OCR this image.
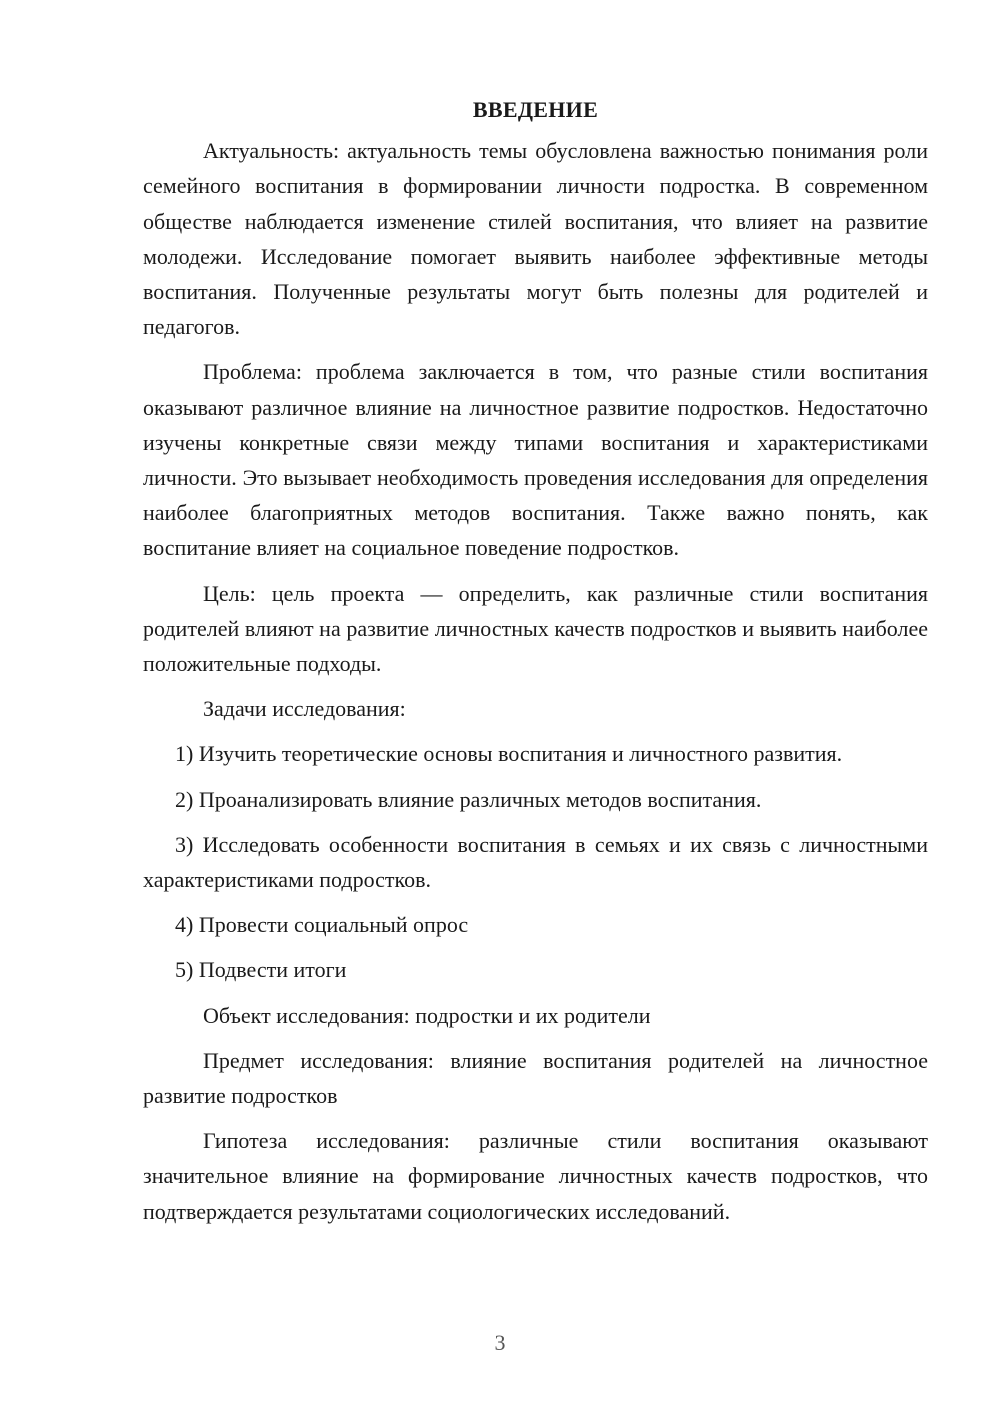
ВВЕДЕНИЕ

Актуальность: актуальность темы обусловлена важностью понимания роли семейного воспитания в формировании личности подростка. В современном обществе наблюдается изменение стилей воспитания, что влияет на развитие молодежи. Исследование помогает выявить наиболее эффективные методы воспитания. Полученные результаты могут быть полезны для родителей и педагогов.

Проблема: проблема заключается в том, что разные стили воспитания оказывают различное влияние на личностное развитие подростков. Недостаточно изучены конкретные связи между типами воспитания и характеристиками личности. Это вызывает необходимость проведения исследования для определения наиболее благоприятных методов воспитания. Также важно понять, как воспитание влияет на социальное поведение подростков.

Цель: цель проекта — определить, как различные стили воспитания родителей влияют на развитие личностных качеств подростков и выявить наиболее положительные подходы.

Задачи исследования:

1) Изучить теоретические основы воспитания и личностного развития.

2) Проанализировать влияние различных методов воспитания.

3) Исследовать особенности воспитания в семьях и их связь с личностными характеристиками подростков.

4) Провести социальный опрос

5) Подвести итоги

Объект исследования: подростки и их родители

Предмет исследования: влияние воспитания родителей на личностное развитие подростков

Гипотеза исследования: различные стили воспитания оказывают значительное влияние на формирование личностных качеств подростков, что подтверждается результатами социологических исследований.

3
